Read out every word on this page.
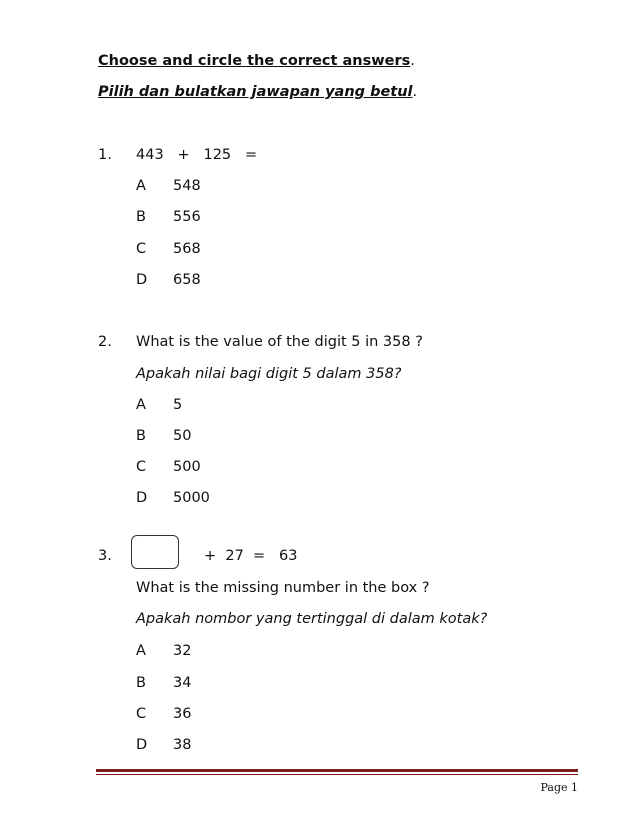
Choose and circle the correct answers.
Pilih dan bulatkan jawapan yang betul.
1. 443   +   125   =
A 548
B 556
C 568
D 658
2. What is the value of the digit 5 in 358 ?
Apakah nilai bagi digit 5 dalam 358?
A 5
B 50
C 500
D 5000
3.	+  27  =   63
What is the missing number in the box ?
Apakah nombor yang tertinggal di dalam kotak?
A 32
B 34
C 36
D 38
Page 1
